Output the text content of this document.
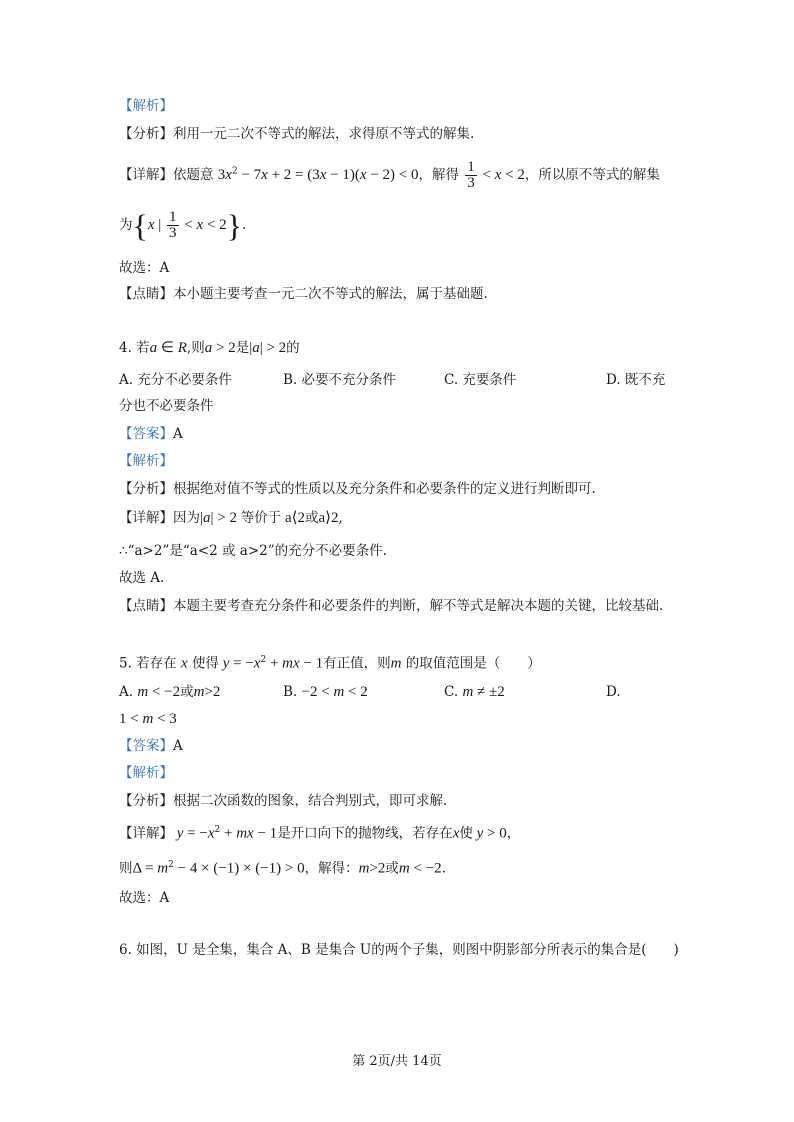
【解析】
【分析】利用一元二次不等式的解法，求得原不等式的解集.
【详解】依题意 $3x^2 - 7x + 2 = (3x - 1)(x - 2) < 0$，解得 $\frac{1}{3} < x < 2$，所以原不等式的解集
为{x | $\frac{1}{3} < x < 2$}.
故选：A
【点睛】本小题主要考查一元二次不等式的解法，属于基础题.
4. 若a ∈ R,则a > 2是|a| > 2的
A. 充分不必要条件	B. 必要不充分条件	C. 充要条件	D. 既不充
分也不必要条件
【答案】A
【解析】
【分析】根据绝对值不等式的性质以及充分条件和必要条件的定义进行判断即可.
【详解】因为|a| > 2 等价于 a⟨2或a⟩2,
∴“a>2”是“a<2 或 a>2”的充分不必要条件.
故选 A.
【点睛】本题主要考查充分条件和必要条件的判断，解不等式是解决本题的关键，比较基础.
5. 若存在 x 使得 $y = -x^2$ + mx − 1有正值，则m 的取值范围是（　　）
A. m < −2或m>2	B. −2 < m < 2	C. m ≠ ±2	D.
1 < m < 3
【答案】A
【解析】
【分析】根据二次函数的图象，结合判别式，即可求解.
【详解】 $y = -x^2$ + mx − 1是开口向下的抛物线，若存在x使 y > 0，
则$\Delta = m^2 - 4 \times (-1) \times (-1) > 0$，解得：m>2或m < −2.
故选：A
6. 如图，U 是全集，集合 A、B 是集合 U的两个子集，则图中阴影部分所表示的集合是(　　)
第 2页/共 14页
